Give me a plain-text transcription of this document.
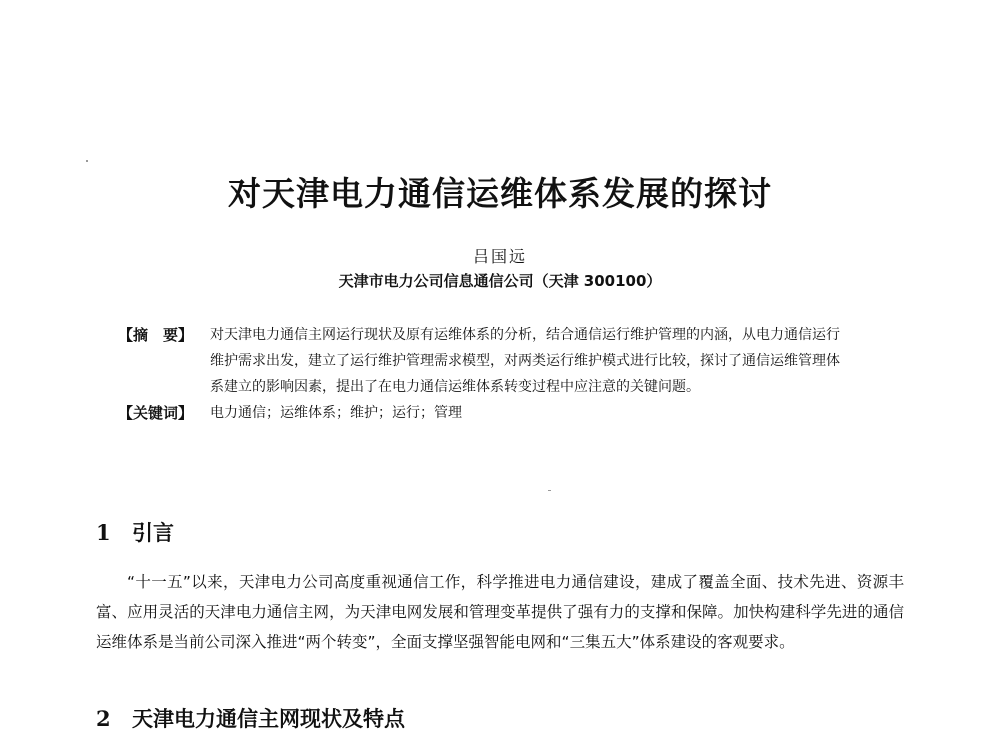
对天津电力通信运维体系发展的探讨
吕国远
天津市电力公司信息通信公司（天津 300100）
【摘　要】	对天津电力通信主网运行现状及原有运维体系的分析，结合通信运行维护管理的内涵，从电力通信运行维护需求出发，建立了运行维护管理需求模型，对两类运行维护模式进行比较，探讨了通信运维管理体系建立的影响因素，提出了在电力通信运维体系转变过程中应注意的关键问题。
【关键词】	电力通信；运维体系；维护；运行；管理
1 引言
“十一五”以来，天津电力公司高度重视通信工作，科学推进电力通信建设，建成了覆盖全面、技术先进、资源丰富、应用灵活的天津电力通信主网，为天津电网发展和管理变革提供了强有力的支撑和保障。加快构建科学先进的通信运维体系是当前公司深入推进“两个转变”，全面支撑坚强智能电网和“三集五大”体系建设的客观要求。
2 天津电力通信主网现状及特点
